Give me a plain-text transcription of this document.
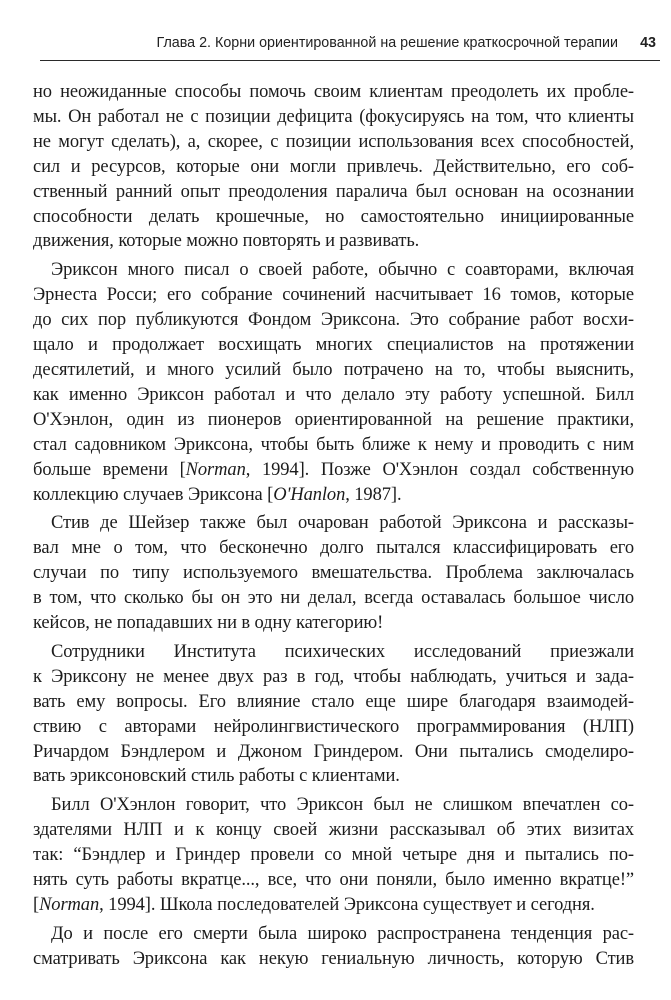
Глава 2. Корни ориентированной на решение краткосрочной терапии 43
но неожиданные способы помочь своим клиентам преодолеть их пробле-
мы. Он работал не с позиции дефицита (фокусируясь на том, что клиенты
не могут сделать), а, скорее, с позиции использования всех способностей,
сил и ресурсов, которые они могли привлечь. Действительно, его соб-
ственный ранний опыт преодоления паралича был основан на осознании
способности делать крошечные, но самостоятельно инициированные
движения, которые можно повторять и развивать.
Эриксон много писал о своей работе, обычно с соавторами, включая
Эрнеста Росси; его собрание сочинений насчитывает 16 томов, которые
до сих пор публикуются Фондом Эриксона. Это собрание работ восхи-
щало и продолжает восхищать многих специалистов на протяжении
десятилетий, и много усилий было потрачено на то, чтобы выяснить,
как именно Эриксон работал и что делало эту работу успешной. Билл
О'Хэнлон, один из пионеров ориентированной на решение практики,
стал садовником Эриксона, чтобы быть ближе к нему и проводить с ним
больше времени [Norman, 1994]. Позже О'Хэнлон создал собственную
коллекцию случаев Эриксона [O'Hanlon, 1987].
Стив де Шейзер также был очарован работой Эриксона и рассказы-
вал мне о том, что бесконечно долго пытался классифицировать его
случаи по типу используемого вмешательства. Проблема заключалась
в том, что сколько бы он это ни делал, всегда оставалась большое число
кейсов, не попадавших ни в одну категорию!
Сотрудники Института психических исследований приезжали
к Эриксону не менее двух раз в год, чтобы наблюдать, учиться и зада-
вать ему вопросы. Его влияние стало еще шире благодаря взаимодей-
ствию с авторами нейролингвистического программирования (НЛП)
Ричардом Бэндлером и Джоном Гриндером. Они пытались смоделиро-
вать эриксоновский стиль работы с клиентами.
Билл О'Хэнлон говорит, что Эриксон был не слишком впечатлен со-
здателями НЛП и к концу своей жизни рассказывал об этих визитах
так: “Бэндлер и Гриндер провели со мной четыре дня и пытались по-
нять суть работы вкратце..., все, что они поняли, было именно вкратце!”
[Norman, 1994]. Школа последователей Эриксона существует и сегодня.
До и после его смерти была широко распространена тенденция рас-
сматривать Эриксона как некую гениальную личность, которую Стив
